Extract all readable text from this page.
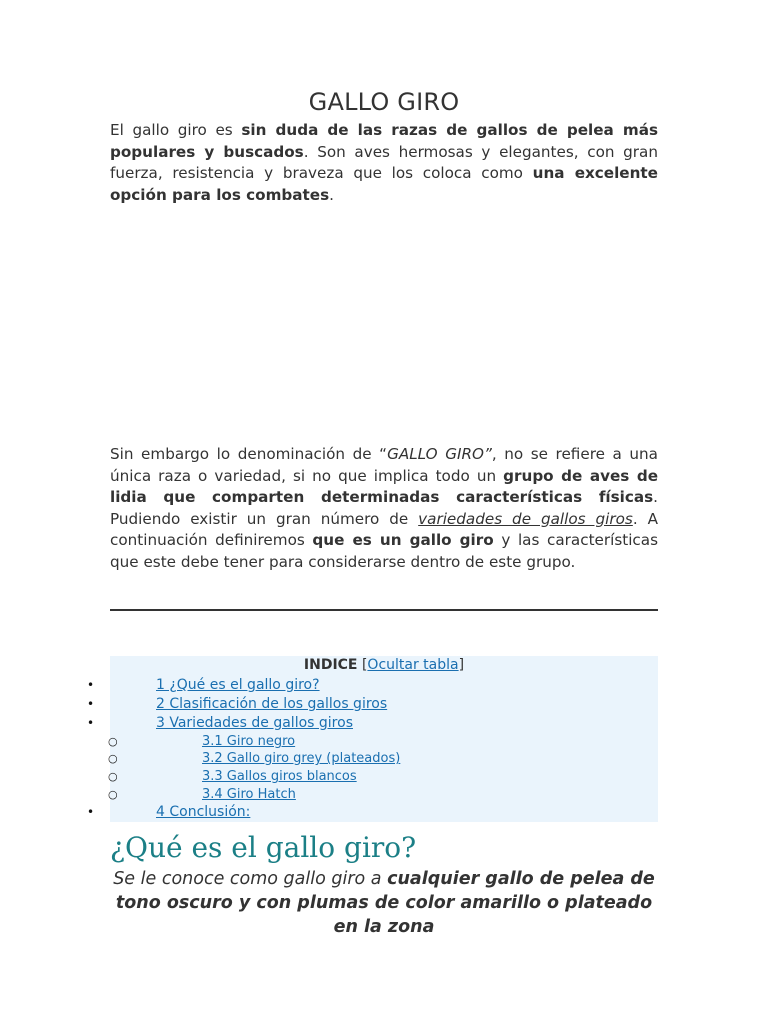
GALLO GIRO

El gallo giro es sin duda de las razas de gallos de pelea más populares y buscados. Son aves hermosas y elegantes, con gran fuerza, resistencia y braveza que los coloca como una excelente opción para los combates.

Sin embargo lo denominación de “GALLO GIRO”, no se refiere a una única raza o variedad, si no que implica todo un grupo de aves de lidia que comparten determinadas características físicas. Pudiendo existir un gran número de variedades de gallos giros. A continuación definiremos que es un gallo giro y las características que este debe tener para considerarse dentro de este grupo.

INDICE [Ocultar tabla]
•	1 ¿Qué es el gallo giro?
•	2 Clasificación de los gallos giros
•	3 Variedades de gallos giros
○	3.1 Giro negro
○	3.2 Gallo giro grey (plateados)
○	3.3 Gallos giros blancos
○	3.4 Giro Hatch
•	4 Conclusión:
¿Qué es el gallo giro?

Se le conoce como gallo giro a cualquier gallo de pelea de tono oscuro y con plumas de color amarillo o plateado en la zona
